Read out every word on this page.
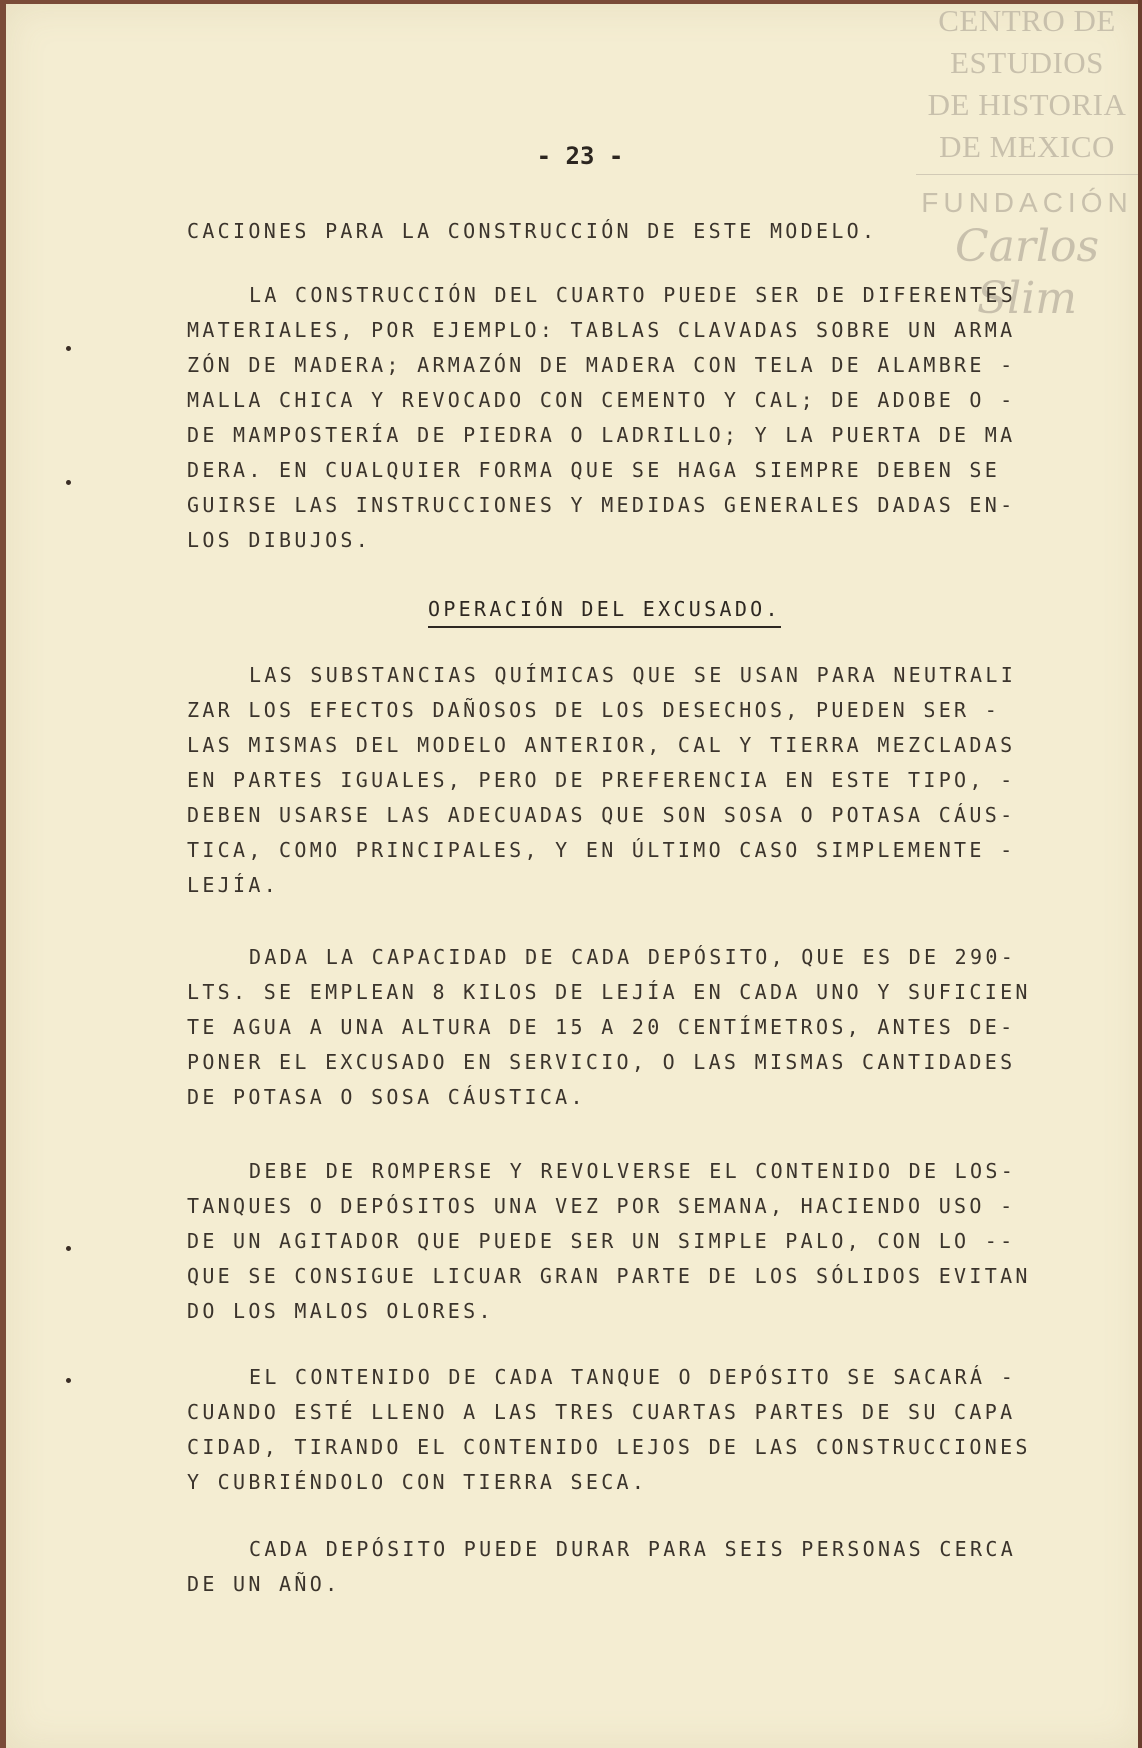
CENTRO DE
ESTUDIOS
DE HISTORIA
DE MEXICO
FUNDACIÓN
Carlos Slim
- 23 -
CACIONES PARA LA CONSTRUCCIÓN DE ESTE MODELO.
LA CONSTRUCCIÓN DEL CUARTO PUEDE SER DE DIFERENTES
MATERIALES, POR EJEMPLO: TABLAS CLAVADAS SOBRE UN ARMA
ZÓN DE MADERA; ARMAZÓN DE MADERA CON TELA DE ALAMBRE -
MALLA CHICA Y REVOCADO CON CEMENTO Y CAL; DE ADOBE O -
DE MAMPOSTERÍA DE PIEDRA O LADRILLO; Y LA PUERTA DE MA
DERA. EN CUALQUIER FORMA QUE SE HAGA SIEMPRE DEBEN SE
GUIRSE LAS INSTRUCCIONES Y MEDIDAS GENERALES DADAS EN-
LOS DIBUJOS.
OPERACIÓN DEL EXCUSADO.
LAS SUBSTANCIAS QUÍMICAS QUE SE USAN PARA NEUTRALI
ZAR LOS EFECTOS DAÑOSOS DE LOS DESECHOS, PUEDEN SER -
LAS MISMAS DEL MODELO ANTERIOR, CAL Y TIERRA MEZCLADAS
EN PARTES IGUALES, PERO DE PREFERENCIA EN ESTE TIPO, -
DEBEN USARSE LAS ADECUADAS QUE SON SOSA O POTASA CÁUS-
TICA, COMO PRINCIPALES, Y EN ÚLTIMO CASO SIMPLEMENTE -
LEJÍA.
DADA LA CAPACIDAD DE CADA DEPÓSITO, QUE ES DE 290-
LTS. SE EMPLEAN 8 KILOS DE LEJÍA EN CADA UNO Y SUFICIEN
TE AGUA A UNA ALTURA DE 15 A 20 CENTÍMETROS, ANTES DE-
PONER EL EXCUSADO EN SERVICIO, O LAS MISMAS CANTIDADES
DE POTASA O SOSA CÁUSTICA.
DEBE DE ROMPERSE Y REVOLVERSE EL CONTENIDO DE LOS-
TANQUES O DEPÓSITOS UNA VEZ POR SEMANA, HACIENDO USO -
DE UN AGITADOR QUE PUEDE SER UN SIMPLE PALO, CON LO --
QUE SE CONSIGUE LICUAR GRAN PARTE DE LOS SÓLIDOS EVITAN
DO LOS MALOS OLORES.
EL CONTENIDO DE CADA TANQUE O DEPÓSITO SE SACARÁ -
CUANDO ESTÉ LLENO A LAS TRES CUARTAS PARTES DE SU CAPA
CIDAD, TIRANDO EL CONTENIDO LEJOS DE LAS CONSTRUCCIONES
Y CUBRIÉNDOLO CON TIERRA SECA.
CADA DEPÓSITO PUEDE DURAR PARA SEIS PERSONAS CERCA
DE UN AÑO.
